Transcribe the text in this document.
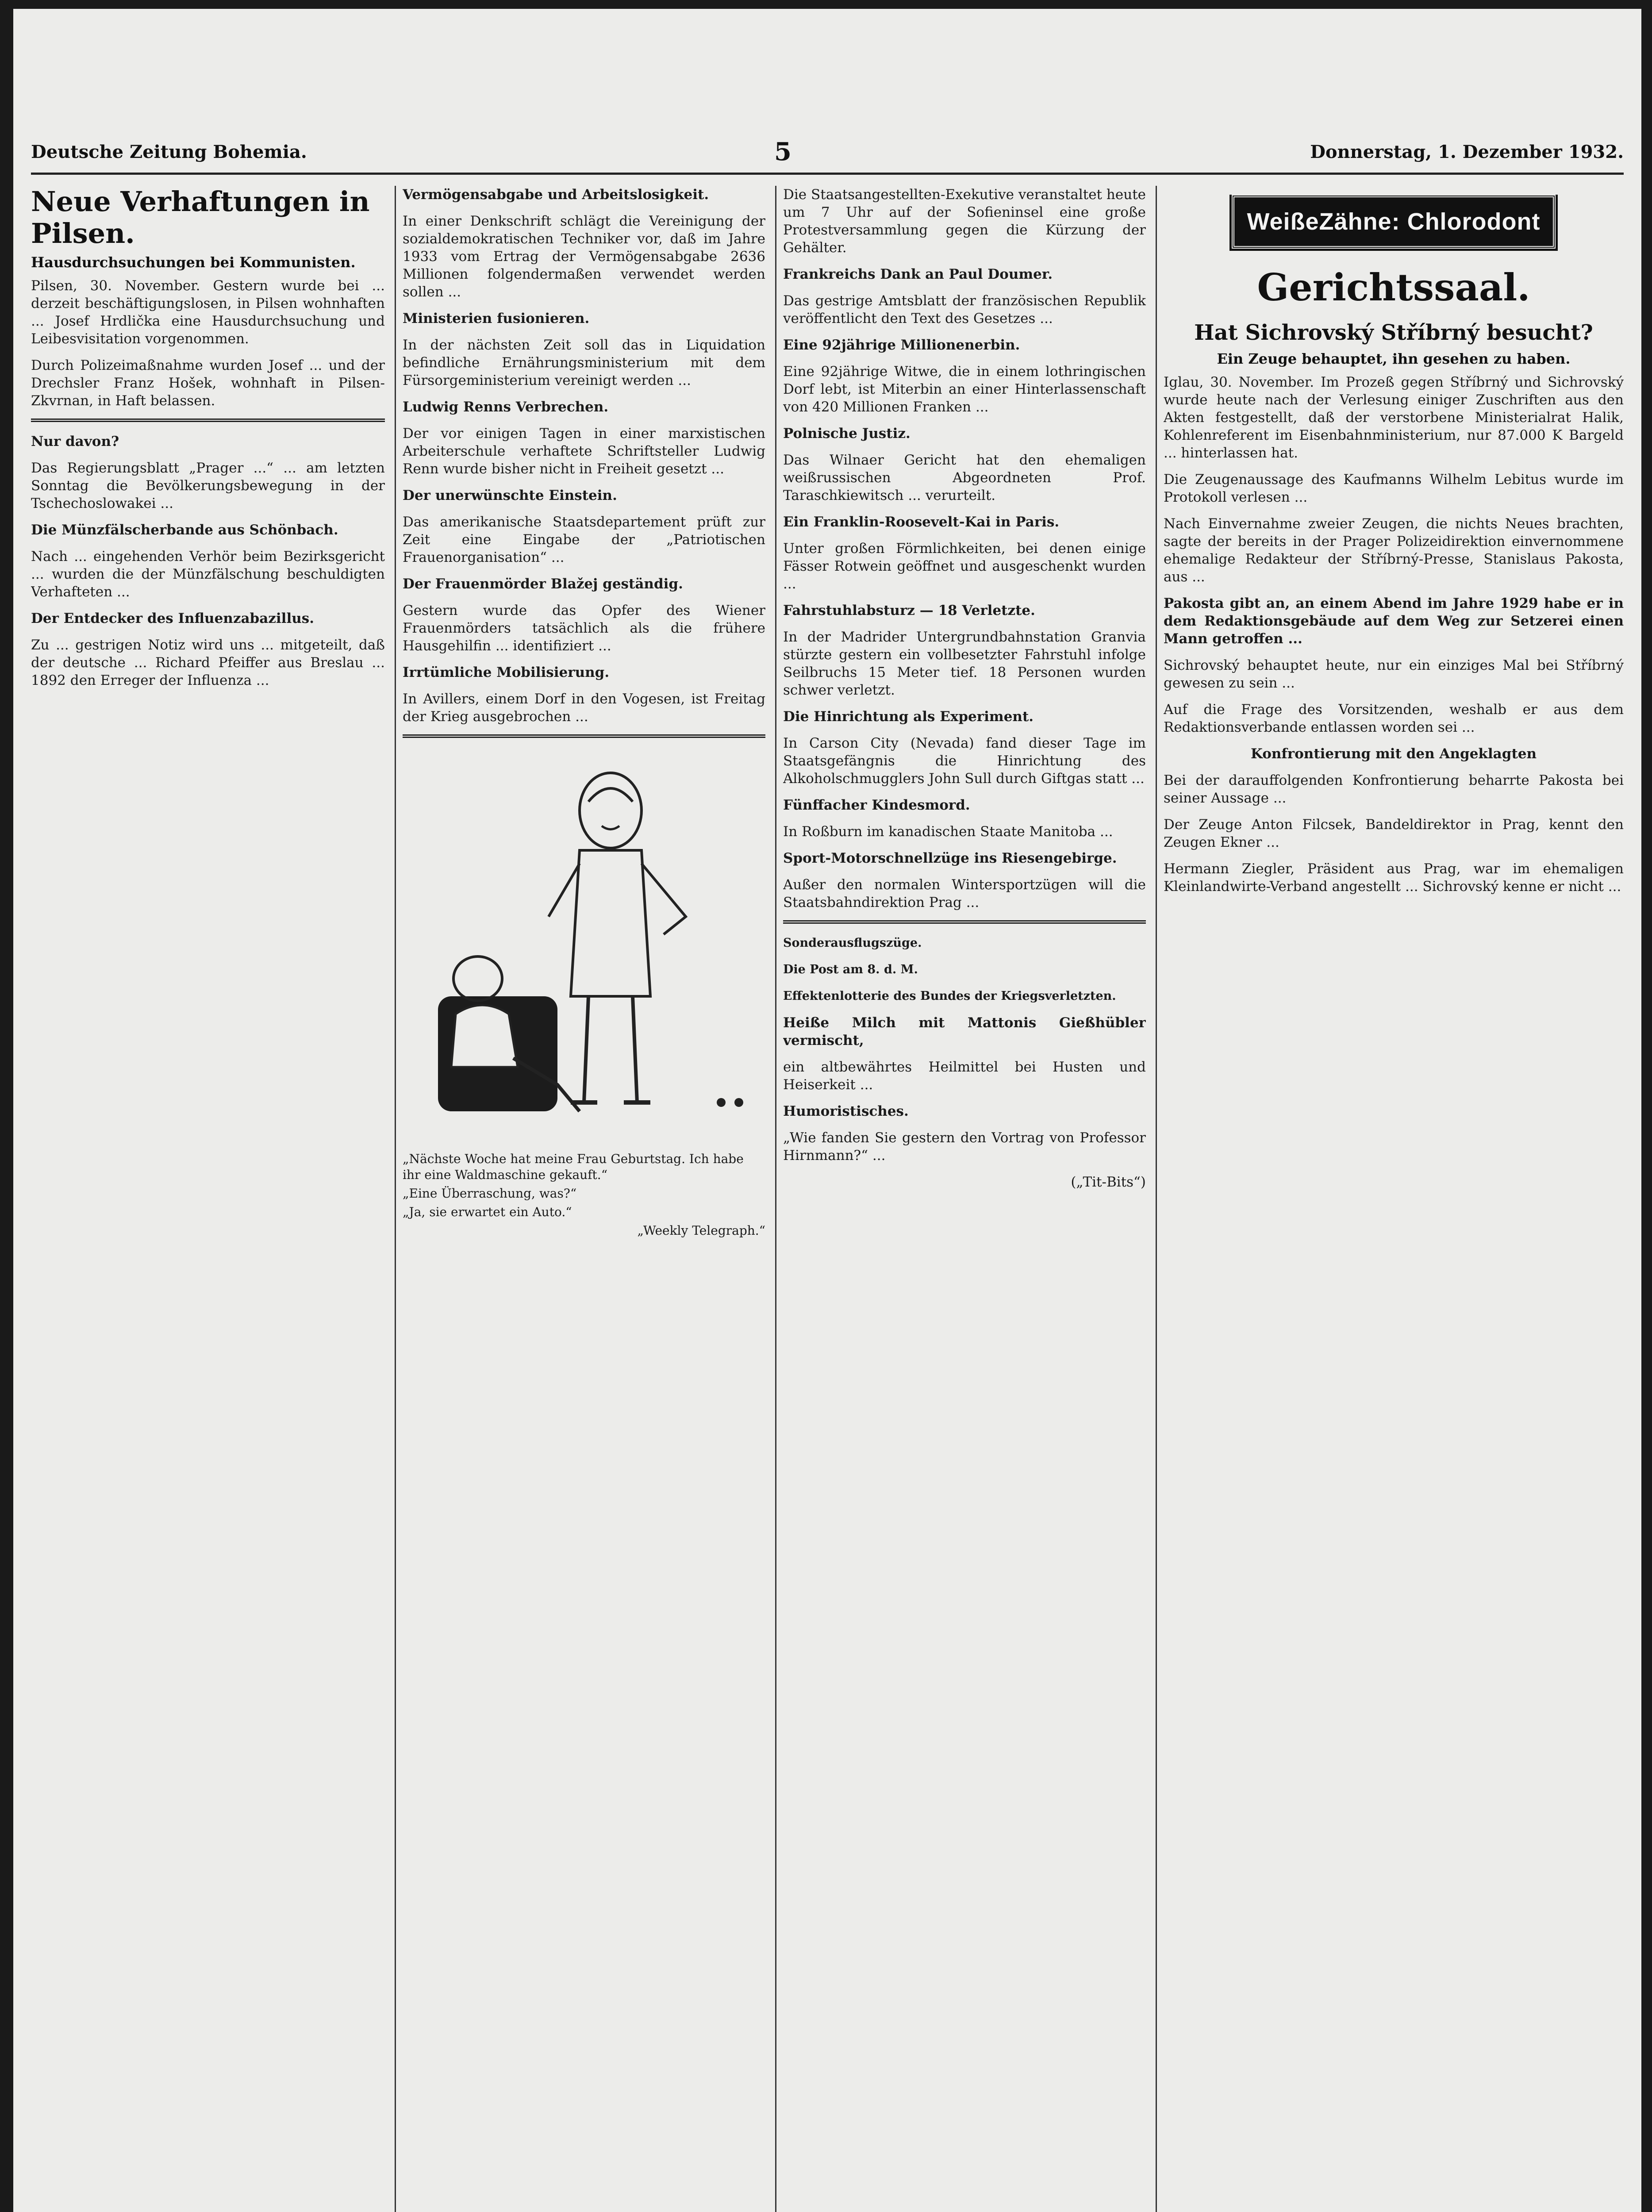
Deutsche Zeitung Bohemia.	5	Donnerstag, 1. Dezember 1932.
Neue Verhaftungen in Pilsen.
Hausdurchsuchungen bei Kommunisten.

Pilsen, 30. November. Gestern wurde bei ... derzeit beschäftigungslosen, in Pilsen wohnhaften ... Josef Hrdlička eine Hausdurchsuchung und Leibesvisitation vorgenommen.

Durch Polizeimaßnahme wurden Josef ... und der Drechsler Franz Hošek, wohnhaft in Pilsen-Zkvrnan, in Haft belassen.

Nur davon?

Das Regierungsblatt „Prager ...“ ... am letzten Sonntag die Bevölkerungsbewegung in der Tschechoslowakei ...

Die Münzfälscherbande aus Schönbach.

Nach ... eingehenden Verhör beim Bezirksgericht ... wurden die der Münzfälschung beschuldigten Verhafteten ...

Der Entdecker des Influenzabazillus.

Zu ... gestrigen Notiz wird uns ... mitgeteilt, daß der deutsche ... Richard Pfeiffer aus Breslau ... 1892 den Erreger der Influenza ...

Vermögensabgabe und Arbeitslosigkeit.

In einer Denkschrift schlägt die Vereinigung der sozialdemokratischen Techniker vor, daß im Jahre 1933 vom Ertrag der Vermögensabgabe 2636 Millionen folgendermaßen verwendet werden sollen ...

Ministerien fusionieren.

In der nächsten Zeit soll das in Liquidation befindliche Ernährungsministerium mit dem Fürsorgeministerium vereinigt werden ...

Ludwig Renns Verbrechen.

Der vor einigen Tagen in einer marxistischen Arbeiterschule verhaftete Schriftsteller Ludwig Renn wurde bisher nicht in Freiheit gesetzt ...

Der unerwünschte Einstein.

Das amerikanische Staatsdepartement prüft zur Zeit eine Eingabe der „Patriotischen Frauenorganisation“ ...

Der Frauenmörder Blažej geständig.

Gestern wurde das Opfer des Wiener Frauenmörders tatsächlich als die frühere Hausgehilfin ... identifiziert ...

Irrtümliche Mobilisierung.

In Avillers, einem Dorf in den Vogesen, ist Freitag der Krieg ausgebrochen ...

„Nächste Woche hat meine Frau Geburtstag. Ich habe ihr eine Waldmaschine gekauft.“
„Eine Überraschung, was?“
„Ja, sie erwartet ein Auto.“
„Weekly Telegraph.“

Die Staatsangestellten-Exekutive veranstaltet heute um 7 Uhr auf der Sofieninsel eine große Protestversammlung gegen die Kürzung der Gehälter.

Frankreichs Dank an Paul Doumer.

Das gestrige Amtsblatt der französischen Republik veröffentlicht den Text des Gesetzes ...

Eine 92jährige Millionenerbin.

Eine 92jährige Witwe, die in einem lothringischen Dorf lebt, ist Miterbin an einer Hinterlassenschaft von 420 Millionen Franken ...

Polnische Justiz.

Das Wilnaer Gericht hat den ehemaligen weißrussischen Abgeordneten Prof. Taraschkiewitsch ... verurteilt.

Ein Franklin-Roosevelt-Kai in Paris.

Unter großen Förmlichkeiten, bei denen einige Fässer Rotwein geöffnet und ausgeschenkt wurden ...

Fahrstuhlabsturz — 18 Verletzte.

In der Madrider Untergrundbahnstation Granvia stürzte gestern ein vollbesetzter Fahrstuhl infolge Seilbruchs 15 Meter tief. 18 Personen wurden schwer verletzt.

Die Hinrichtung als Experiment.

In Carson City (Nevada) fand dieser Tage im Staatsgefängnis die Hinrichtung des Alkoholschmugglers John Sull durch Giftgas statt ...

Fünffacher Kindesmord.

In Roßburn im kanadischen Staate Manitoba ...

Sport-Motorschnellzüge ins Riesengebirge.

Außer den normalen Wintersportzügen will die Staatsbahndirektion Prag ...

Sonderausflugszüge.

Die Post am 8. d. M.

Effektenlotterie des Bundes der Kriegsverletzten.

Heiße Milch mit Mattonis Gießhübler vermischt,

ein altbewährtes Heilmittel bei Husten und Heiserkeit ...

Humoristisches.

„Wie fanden Sie gestern den Vortrag von Professor Hirnmann?“ ...

(„Tit-Bits“)

WeißeZähne: Chlorodont
Gerichtssaal.
Hat Sichrovský Stříbrný besucht?
Ein Zeuge behauptet, ihn gesehen zu haben.

Iglau, 30. November. Im Prozeß gegen Stříbrný und Sichrovský wurde heute nach der Verlesung einiger Zuschriften aus den Akten festgestellt, daß der verstorbene Ministerialrat Halik, Kohlenreferent im Eisenbahnministerium, nur 87.000 K Bargeld ... hinterlassen hat.

Die Zeugenaussage des Kaufmanns Wilhelm Lebitus wurde im Protokoll verlesen ...

Nach Einvernahme zweier Zeugen, die nichts Neues brachten, sagte der bereits in der Prager Polizeidirektion einvernommene ehemalige Redakteur der Stříbrný-Presse, Stanislaus Pakosta, aus ...

Pakosta gibt an, an einem Abend im Jahre 1929 habe er in dem Redaktionsgebäude auf dem Weg zur Setzerei einen Mann getroffen ...

Sichrovský behauptet heute, nur ein einziges Mal bei Stříbrný gewesen zu sein ...

Auf die Frage des Vorsitzenden, weshalb er aus dem Redaktionsverbande entlassen worden sei ...

Konfrontierung mit den Angeklagten

Bei der darauffolgenden Konfrontierung beharrte Pakosta bei seiner Aussage ...

Der Zeuge Anton Filcsek, Bandeldirektor in Prag, kennt den Zeugen Ekner ...

Hermann Ziegler, Präsident aus Prag, war im ehemaligen Kleinlandwirte-Verband angestellt ... Sichrovský kenne er nicht ...
